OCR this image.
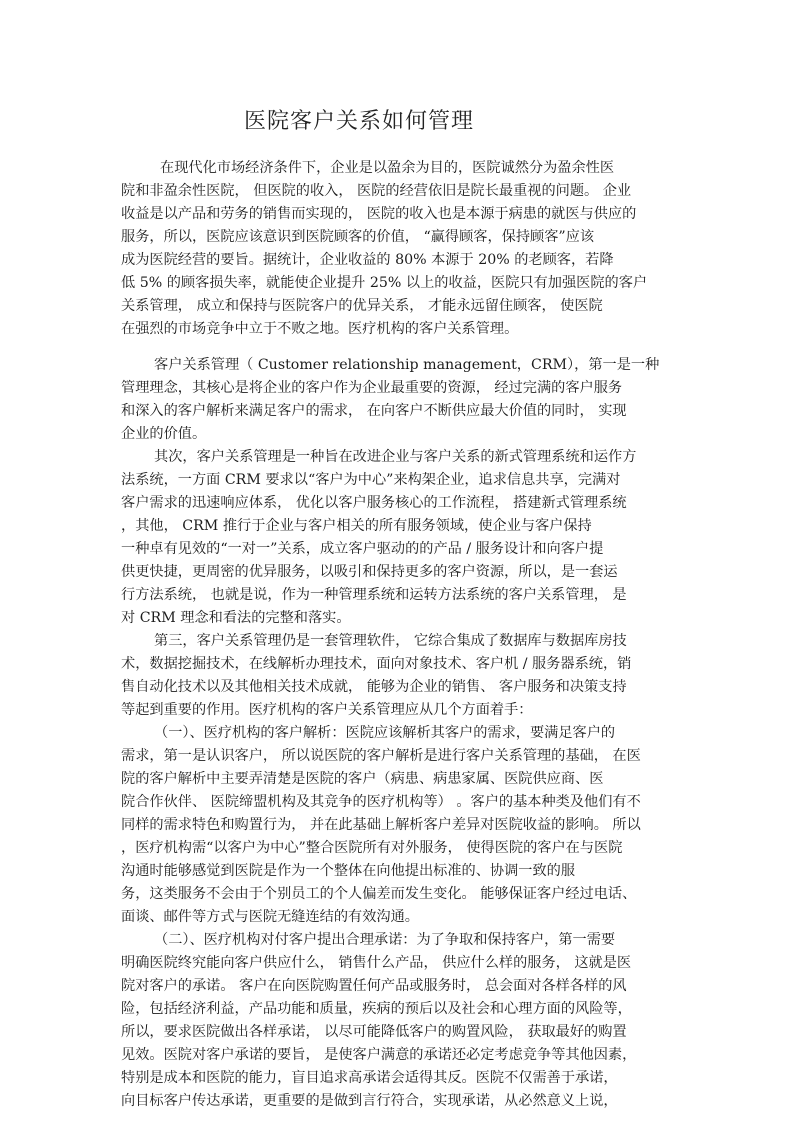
医院客户关系如何管理
在现代化市场经济条件下，企业是以盈余为目的，医院诚然分为盈余性医
院和非盈余性医院， 但医院的收入， 医院的经营依旧是院长最重视的问题。 企业
收益是以产品和劳务的销售而实现的， 医院的收入也是本源于病患的就医与供应的
服务，所以，医院应该意识到医院顾客的价值， “赢得顾客，保持顾客”应该
成为医院经营的要旨。据统计，企业收益的 80% 本源于 20% 的老顾客，若降
低 5% 的顾客损失率，就能使企业提升 25% 以上的收益，医院只有加强医院的客户
关系管理， 成立和保持与医院客户的优异关系， 才能永远留住顾客， 使医院
在强烈的市场竞争中立于不败之地。医疗机构的客户关系管理。
客户关系管理（ Customer relationship management，CRM），第一是一种
管理理念，其核心是将企业的客户作为企业最重要的资源， 经过完满的客户服务
和深入的客户解析来满足客户的需求， 在向客户不断供应最大价值的同时， 实现
企业的价值。
其次，客户关系管理是一种旨在改进企业与客户关系的新式管理系统和运作方
法系统，一方面 CRM 要求以“客户为中心”来构架企业，追求信息共享，完满对
客户需求的迅速响应体系， 优化以客户服务核心的工作流程， 搭建新式管理系统
，其他， CRM 推行于企业与客户相关的所有服务领域，使企业与客户保持
一种卓有见效的“一对一”关系，成立客户驱动的的产品 / 服务设计和向客户提
供更快捷，更周密的优异服务，以吸引和保持更多的客户资源，所以，是一套运
行方法系统， 也就是说，作为一种管理系统和运转方法系统的客户关系管理， 是
对 CRM 理念和看法的完整和落实。
第三，客户关系管理仍是一套管理软件， 它综合集成了数据库与数据库房技
术，数据挖掘技术，在线解析办理技术，面向对象技术、客户机 / 服务器系统，销
售自动化技术以及其他相关技术成就， 能够为企业的销售、 客户服务和决策支持
等起到重要的作用。医疗机构的客户关系管理应从几个方面着手：
（一）、医疗机构的客户解析：医院应该解析其客户的需求，要满足客户的
需求，第一是认识客户， 所以说医院的客户解析是进行客户关系管理的基础， 在医
院的客户解析中主要弄清楚是医院的客户（病患、病患家属、医院供应商、医
院合作伙伴、 医院缔盟机构及其竞争的医疗机构等） 。客户的基本种类及他们有不
同样的需求特色和购置行为， 并在此基础上解析客户差异对医院收益的影响。 所以
，医疗机构需“以客户为中心”整合医院所有对外服务， 使得医院的客户在与医院
沟通时能够感觉到医院是作为一个整体在向他提出标准的、协调一致的服
务，这类服务不会由于个别员工的个人偏差而发生变化。 能够保证客户经过电话、
面谈、邮件等方式与医院无缝连结的有效沟通。
（二）、医疗机构对付客户提出合理承诺：为了争取和保持客户，第一需要
明确医院终究能向客户供应什么， 销售什么产品， 供应什么样的服务， 这就是医
院对客户的承诺。 客户在向医院购置任何产品或服务时， 总会面对各样各样的风
险，包括经济利益，产品功能和质量，疾病的预后以及社会和心理方面的风险等，
所以，要求医院做出各样承诺， 以尽可能降低客户的购置风险， 获取最好的购置
见效。医院对客户承诺的要旨， 是使客户满意的承诺还必定考虑竞争等其他因素，
特别是成本和医院的能力，盲目追求高承诺会适得其反。医院不仅需善于承诺，
向目标客户传达承诺，更重要的是做到言行符合，实现承诺，从必然意义上说，
